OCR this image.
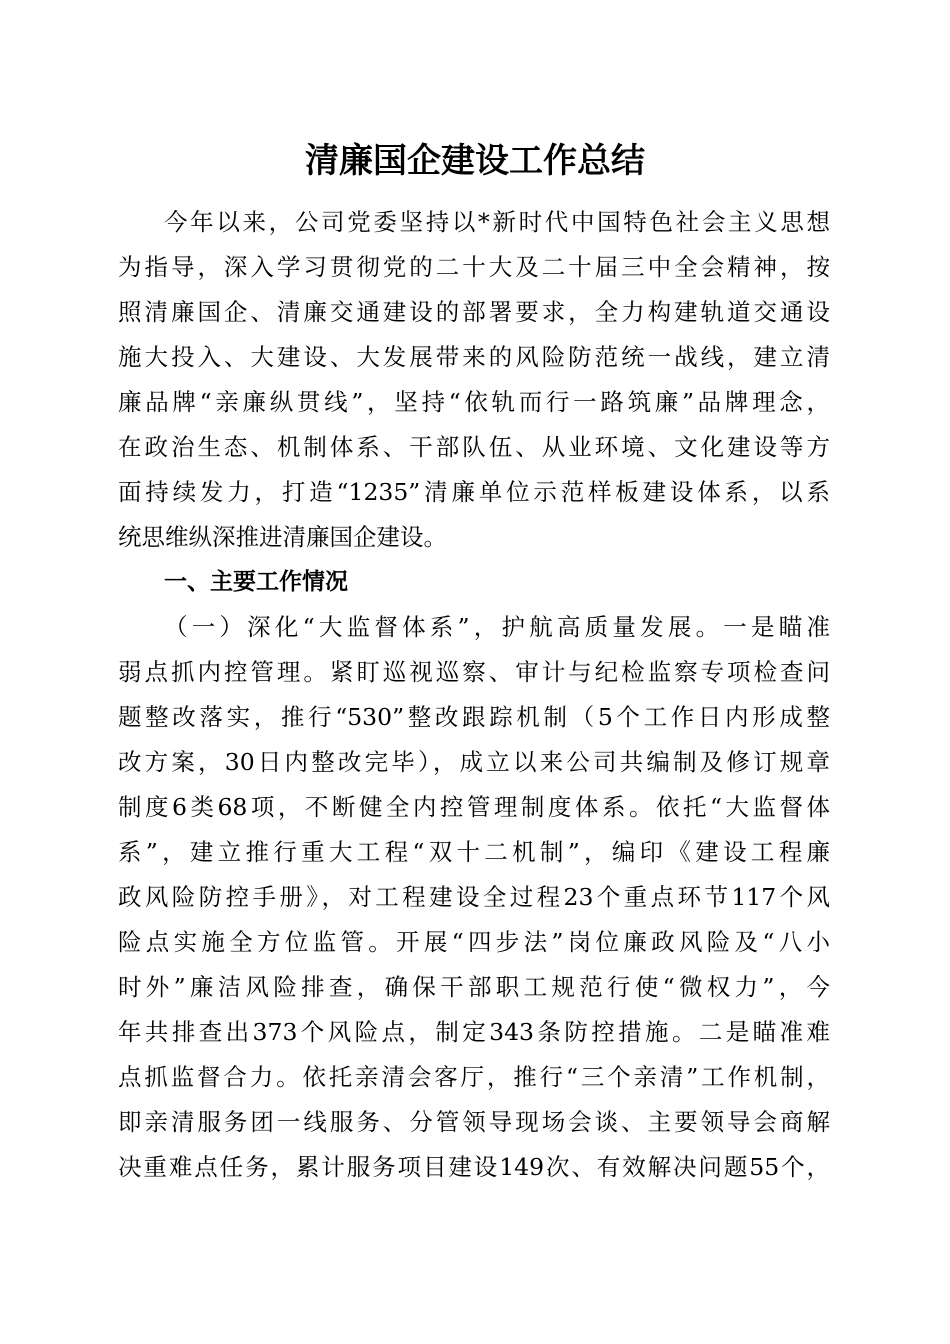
清廉国企建设工作总结
今年以来，公司党委坚持以*新时代中国特色社会主义思想
为指导，深入学习贯彻党的二十大及二十届三中全会精神，按
照清廉国企、清廉交通建设的部署要求，全力构建轨道交通设
施大投入、大建设、大发展带来的风险防范统一战线，建立清
廉品牌“亲廉纵贯线”，坚持“依轨而行一路筑廉”品牌理念，
在政治生态、机制体系、干部队伍、从业环境、文化建设等方
面持续发力，打造“1235”清廉单位示范样板建设体系，以系
统思维纵深推进清廉国企建设。
一、主要工作情况
（一）深化“大监督体系”，护航高质量发展。一是瞄准
弱点抓内控管理。紧盯巡视巡察、审计与纪检监察专项检查问
题整改落实，推行“530”整改跟踪机制（5个工作日内形成整
改方案，30日内整改完毕），成立以来公司共编制及修订规章
制度6类68项，不断健全内控管理制度体系。依托“大监督体
系”，建立推行重大工程“双十二机制”，编印《建设工程廉
政风险防控手册》，对工程建设全过程23个重点环节117个风
险点实施全方位监管。开展“四步法”岗位廉政风险及“八小
时外”廉洁风险排查，确保干部职工规范行使“微权力”，今
年共排查出373个风险点，制定343条防控措施。二是瞄准难
点抓监督合力。依托亲清会客厅，推行“三个亲清”工作机制，
即亲清服务团一线服务、分管领导现场会谈、主要领导会商解
决重难点任务，累计服务项目建设149次、有效解决问题55个，
